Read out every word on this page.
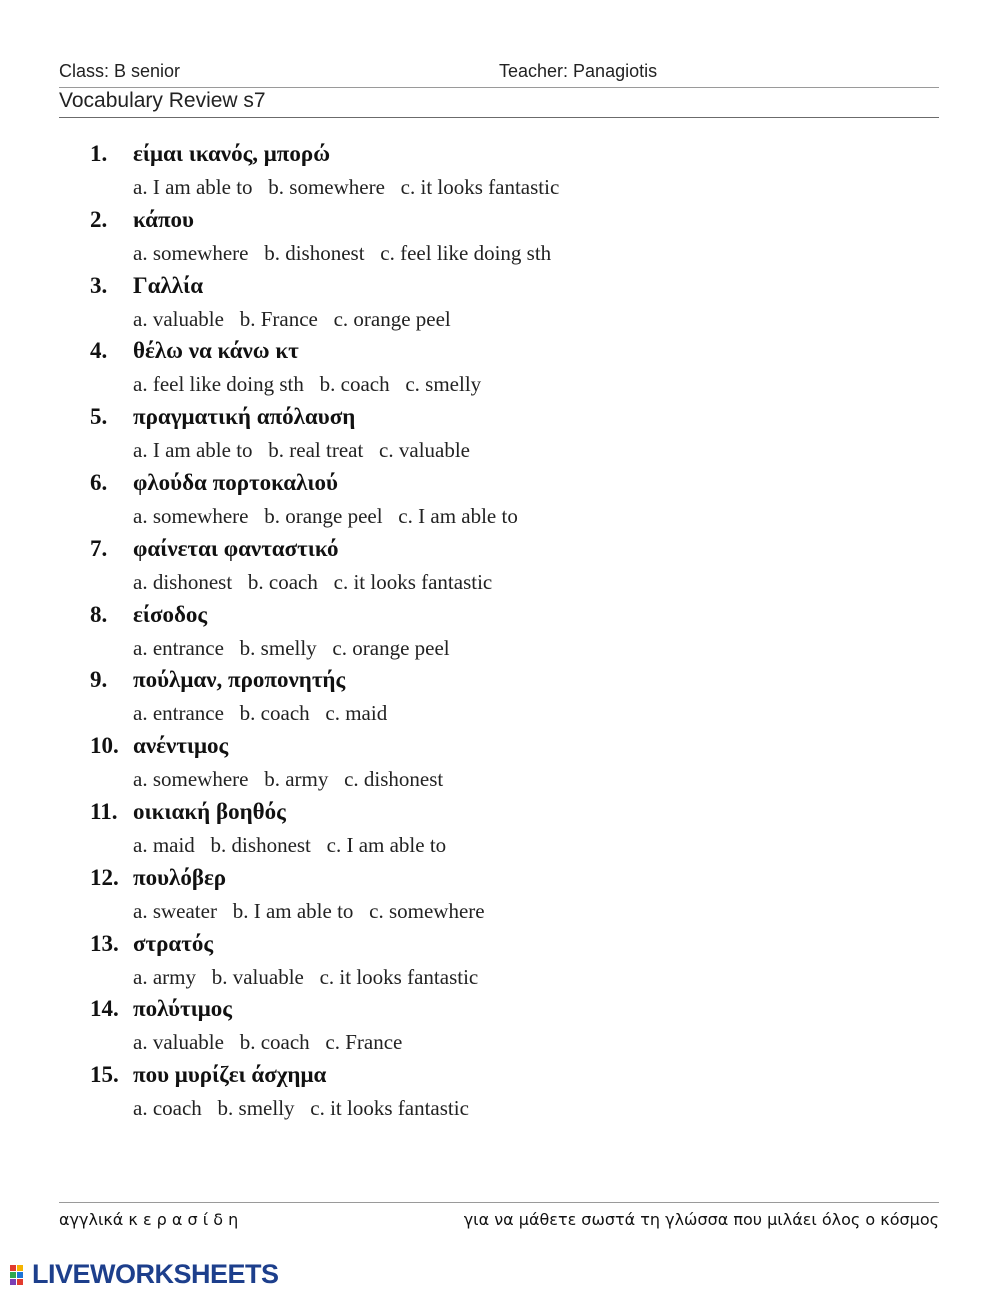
Class: B senior	Teacher: Panagiotis
Vocabulary Review s7
1.	είμαι ικανός, μπορώ
a. I am able to   b. somewhere   c. it looks fantastic
2.	κάπου
a. somewhere   b. dishonest   c. feel like doing sth
3.	Γαλλία
a. valuable   b. France   c. orange peel
4.	θέλω να κάνω κτ
a. feel like doing sth   b. coach   c. smelly
5.	πραγματική απόλαυση
a. I am able to   b. real treat   c. valuable
6.	φλούδα πορτοκαλιού
a. somewhere   b. orange peel   c. I am able to
7.	φαίνεται φανταστικό
a. dishonest   b. coach   c. it looks fantastic
8.	είσοδος
a. entrance   b. smelly   c. orange peel
9.	πούλμαν, προπονητής
a. entrance   b. coach   c. maid
10. ανέντιμος
a. somewhere   b. army   c. dishonest
11. οικιακή βοηθός
a. maid   b. dishonest   c. I am able to
12. πουλόβερ
a. sweater   b. I am able to   c. somewhere
13. στρατός
a. army   b. valuable   c. it looks fantastic
14. πολύτιμος
a. valuable   b. coach   c. France
15. που μυρίζει άσχημα
a. coach   b. smelly   c. it looks fantastic
αγγλικά κ ε ρ α σ ί δ η	για να μάθετε σωστά τη γλώσσα που μιλάει όλος ο κόσμος
LIVEWORKSHEETS
